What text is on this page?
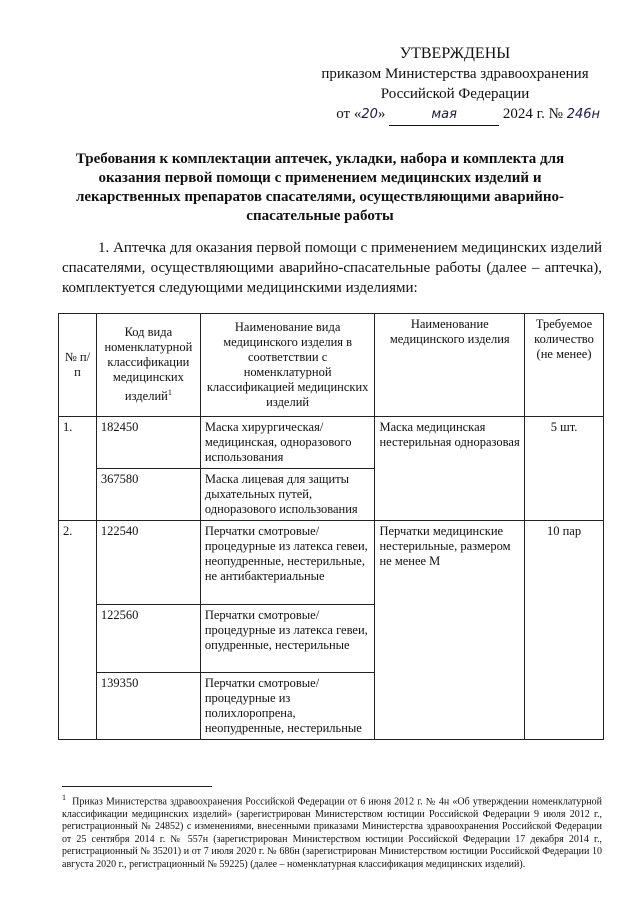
УТВЕРЖДЕНЫ
приказом Министерства здравоохранения
Российской Федерации
от «20»	мая	2024 г. № 246н
Требования к комплектации аптечек, укладки, набора и комплекта для оказания первой помощи с применением медицинских изделий и лекарственных препаратов спасателями, осуществляющими аварийно-спасательные работы
1. Аптечка для оказания первой помощи с применением медицинских изделий спасателями, осуществляющими аварийно-спасательные работы (далее – аптечка), комплектуется следующими медицинскими изделиями:
№ п/п	Код вида номенклатурной классификации медицинских изделий$^1$	Наименование вида медицинского изделия в соответствии с номенклатурной классификацией медицинских изделий	Наименование медицинского изделия	Требуемое количество (не менее)
1.	182450	Маска хирургическая/ медицинская, одноразового использования	Маска медицинская нестерильная одноразовая	5 шт.
	367580	Маска лицевая для защиты дыхательных путей, одноразового использования		
2.	122540	Перчатки смотровые/ процедурные из латекса гевеи, неопудренные, нестерильные, не антибактериальные	Перчатки медицинские нестерильные, размером не менее M	10 пар
	122560	Перчатки смотровые/ процедурные из латекса гевеи, опудренные, нестерильные		
	139350	Перчатки смотровые/ процедурные из полихлоропрена, неопудренные, нестерильные		
$^1$ Приказ Министерства здравоохранения Российской Федерации от 6 июня 2012 г. № 4н «Об утверждении номенклатурной классификации медицинских изделий» (зарегистрирован Министерством юстиции Российской Федерации 9 июля 2012 г., регистрационный № 24852) с изменениями, внесенными приказами Министерства здравоохранения Российской Федерации от 25 сентября 2014 г. № 557н (зарегистрирован Министерством юстиции Российской Федерации 17 декабря 2014 г., регистрационный № 35201) и от 7 июля 2020 г. № 686н (зарегистрирован Министерством юстиции Российской Федерации 10 августа 2020 г., регистрационный № 59225) (далее – номенклатурная классификация медицинских изделий).
